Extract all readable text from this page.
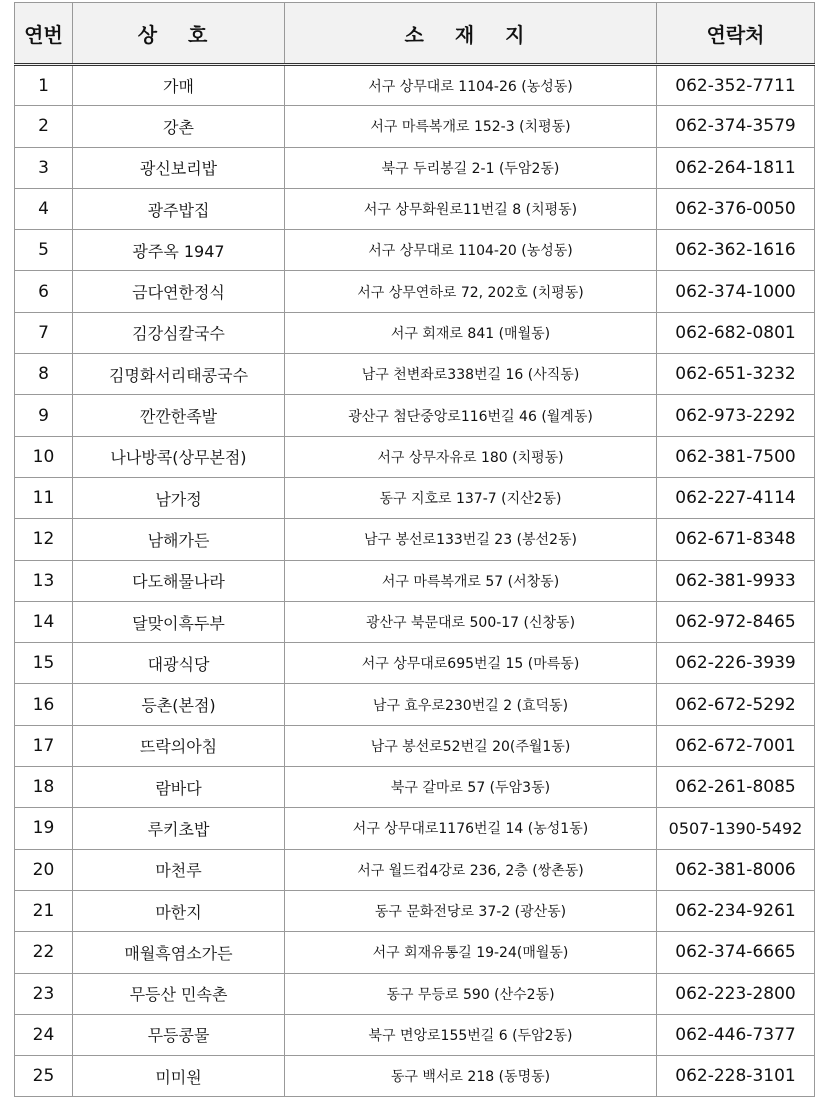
연번	상 호	소 재 지	연락처
1	가매	서구 상무대로 1104-26 (농성동)	062-352-7711
2	강촌	서구 마륵복개로 152-3 (치평동)	062-374-3579
3	광신보리밥	북구 두리봉길 2-1 (두암2동)	062-264-1811
4	광주밥집	서구 상무화원로11번길 8 (치평동)	062-376-0050
5	광주옥 1947	서구 상무대로 1104-20 (농성동)	062-362-1616
6	금다연한정식	서구 상무연하로 72, 202호 (치평동)	062-374-1000
7	김강심칼국수	서구 회재로 841 (매월동)	062-682-0801
8	김명화서리태콩국수	남구 천변좌로338번길 16 (사직동)	062-651-3232
9	깐깐한족발	광산구 첨단중앙로116번길 46 (월계동)	062-973-2292
10	나나방콕(상무본점)	서구 상무자유로 180 (치평동)	062-381-7500
11	남가정	동구 지호로 137-7 (지산2동)	062-227-4114
12	남해가든	남구 봉선로133번길 23 (봉선2동)	062-671-8348
13	다도해물나라	서구 마륵복개로 57 (서창동)	062-381-9933
14	달맞이흑두부	광산구 북문대로 500-17 (신창동)	062-972-8465
15	대광식당	서구 상무대로695번길 15 (마륵동)	062-226-3939
16	등촌(본점)	남구 효우로230번길 2 (효덕동)	062-672-5292
17	뜨락의아침	남구 봉선로52번길 20(주월1동)	062-672-7001
18	람바다	북구 갈마로 57 (두암3동)	062-261-8085
19	루키초밥	서구 상무대로1176번길 14 (농성1동)	0507-1390-5492
20	마천루	서구 월드컵4강로 236, 2층 (쌍촌동)	062-381-8006
21	마한지	동구 문화전당로 37-2 (광산동)	062-234-9261
22	매월흑염소가든	서구 회재유통길 19-24(매월동)	062-374-6665
23	무등산 민속촌	동구 무등로 590 (산수2동)	062-223-2800
24	무등콩물	북구 면앙로155번길 6 (두암2동)	062-446-7377
25	미미원	동구 백서로 218 (동명동)	062-228-3101
